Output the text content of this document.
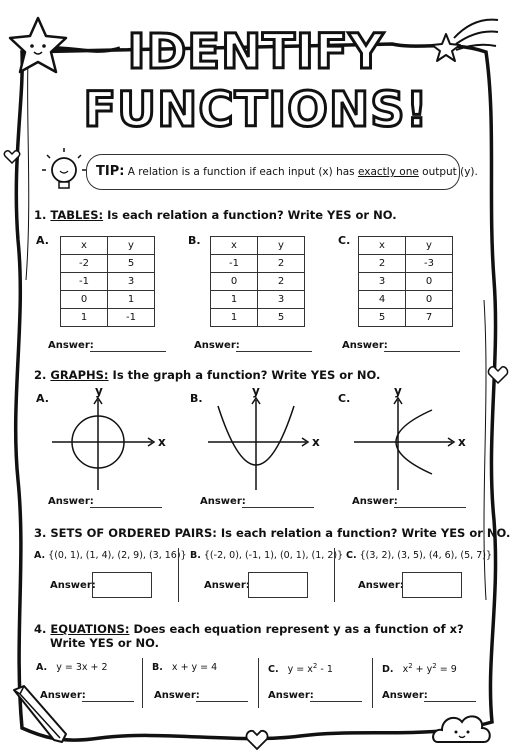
IDENTIFY
FUNCTIONS!
TIP: A relation is a function if each input (x) has exactly one output (y).
1. TABLES: Is each relation a function? Write YES or NO.
A.	x	y
-2	5
-1	3
0	1
1	-1
B.	x	y
-1	2
0	2
1	3
1	5
C.	x	y
2	-3
3	0
4	0
5	7
Answer:	Answer:	Answer:
2. GRAPHS: Is the graph a function? Write YES or NO.
A.
y
x
B.
y
x
C.
y
x
Answer:	Answer:	Answer:
3. SETS OF ORDERED PAIRS: Is each relation a function? Write YES or NO.
A. {(0, 1), (1, 4), (2, 9), (3, 16)}
Answer:
B. {(-2, 0), (-1, 1), (0, 1), (1, 2)}
Answer:
C. {(3, 2), (3, 5), (4, 6), (5, 7)}
Answer:
4. EQUATIONS: Does each equation represent y as a function of x?
Write YES or NO.
A. y = 3x + 2
Answer:
B. x + y = 4
Answer:
C. $y = x^2 - 1$
Answer:
D. $x^2 + y^2 = 9$
Answer:
